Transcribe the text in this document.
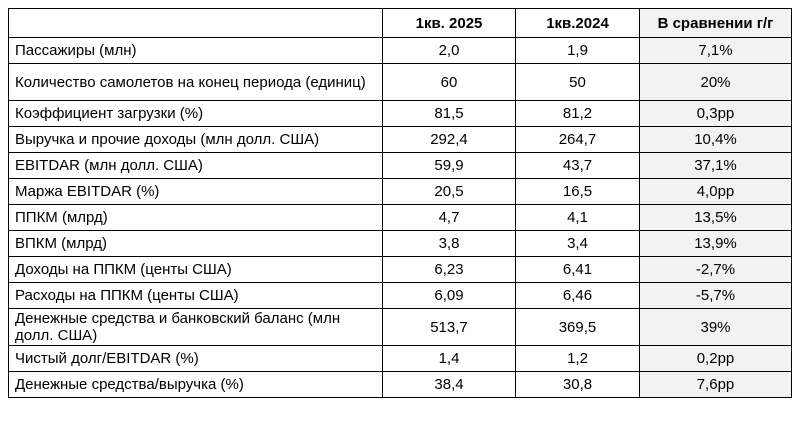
	1кв. 2025	1кв.2024	В сравнении г/г
Пассажиры (млн)	2,0	1,9	7,1%
Количество самолетов на конец периода (единиц)	60	50	20%
Коэффициент загрузки (%)	81,5	81,2	0,3pp
Выручка и прочие доходы (млн долл. США)	292,4	264,7	10,4%
EBITDAR (млн долл. США)	59,9	43,7	37,1%
Маржа EBITDAR (%)	20,5	16,5	4,0pp
ППКМ (млрд)	4,7	4,1	13,5%
ВПКМ (млрд)	3,8	3,4	13,9%
Доходы на ППКМ (центы США)	6,23	6,41	-2,7%
Расходы на ППКМ (центы США)	6,09	6,46	-5,7%
Денежные средства и банковский баланс (млн долл. США)	513,7	369,5	39%
Чистый долг/EBITDAR (%)	1,4	1,2	0,2pp
Денежные средства/выручка (%)	38,4	30,8	7,6pp
